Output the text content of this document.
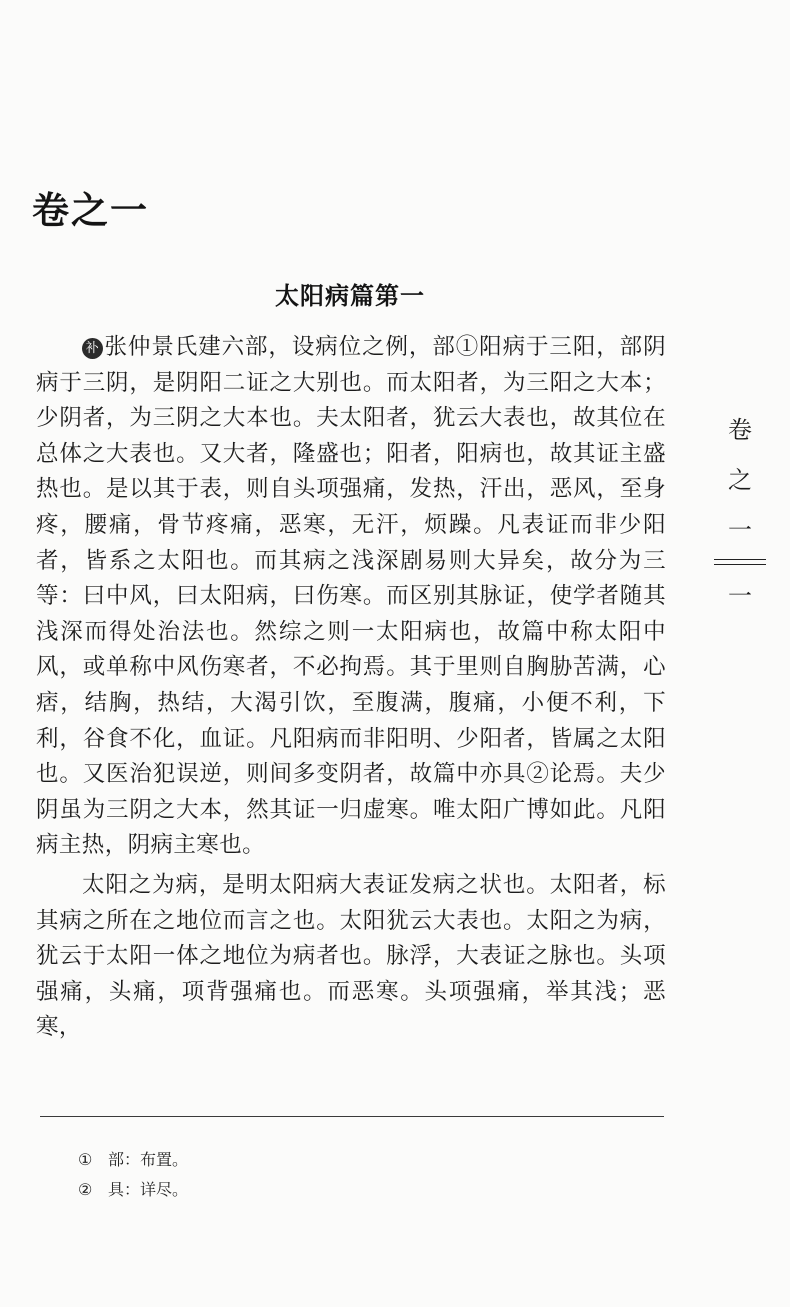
卷之一
太阳病篇第一

补 张仲景氏建六部，设病位之例，部①阳病于三阳，部阴病于三阴，是阴阳二证之大别也。而太阳者，为三阳之大本；少阴者，为三阴之大本也。夫太阳者，犹云大表也，故其位在总体之大表也。又大者，隆盛也；阳者，阳病也，故其证主盛热也。是以其于表，则自头项强痛，发热，汗出，恶风，至身疼，腰痛，骨节疼痛，恶寒，无汗，烦躁。凡表证而非少阳者，皆系之太阳也。而其病之浅深剧易则大异矣，故分为三等：曰中风，曰太阳病，曰伤寒。而区别其脉证，使学者随其浅深而得处治法也。然综之则一太阳病也，故篇中称太阳中风，或单称中风伤寒者，不必拘焉。其于里则自胸胁苦满，心痞，结胸，热结，大渴引饮，至腹满，腹痛，小便不利，下利，谷食不化，血证。凡阳病而非阳明、少阳者，皆属之太阳也。又医治犯误逆，则间多变阴者，故篇中亦具②论焉。夫少阴虽为三阴之大本，然其证一归虚寒。唯太阳广博如此。凡阳病主热，阴病主寒也。

太阳之为病，是明太阳病大表证发病之状也。太阳者，标其病之所在之地位而言之也。太阳犹云大表也。太阳之为病，犹云于太阳一体之地位为病者也。脉浮，大表证之脉也。头项强痛，头痛，项背强痛也。而恶寒。头项强痛，举其浅；恶寒，

① 部：布置。
② 具：详尽。
卷
之
一
一
